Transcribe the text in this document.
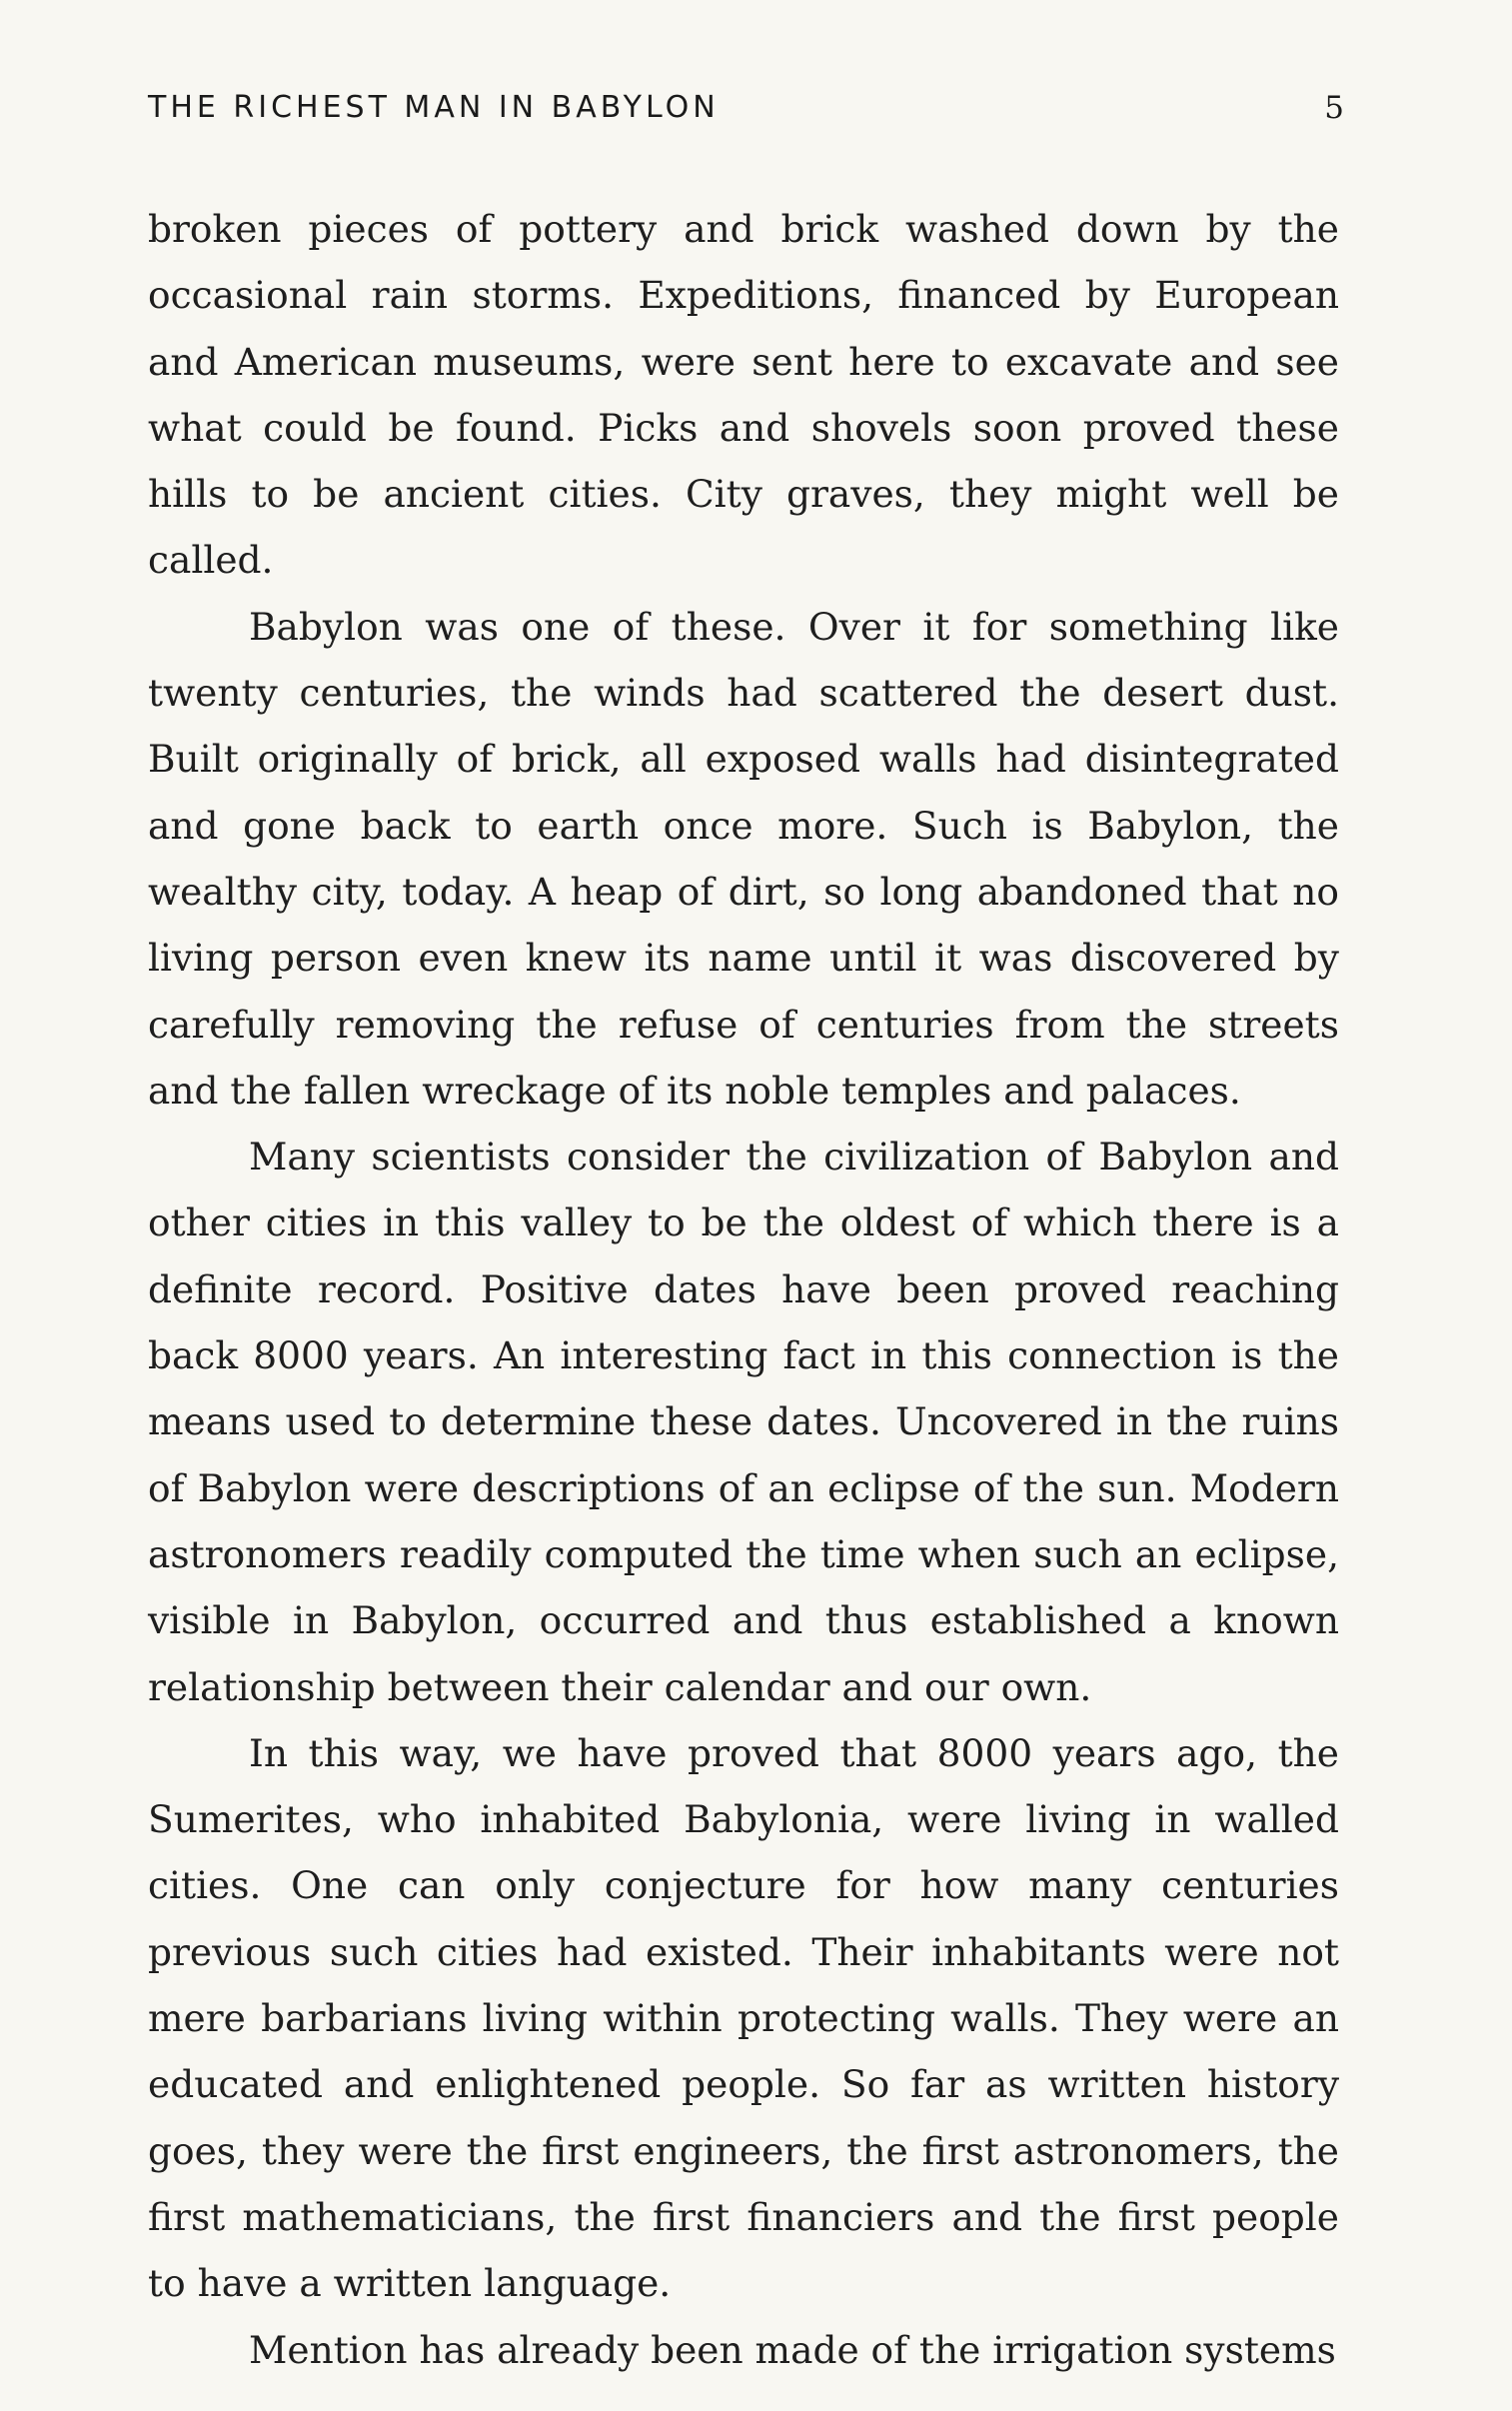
THE RICHEST MAN IN BABYLON	5

broken pieces of pottery and brick washed down by the occasional rain storms. Expeditions, financed by European and American museums, were sent here to excavate and see what could be found. Picks and shovels soon proved these hills to be ancient cities. City graves, they might well be called.

Babylon was one of these. Over it for something like twenty centuries, the winds had scattered the desert dust. Built originally of brick, all exposed walls had disintegrated and gone back to earth once more. Such is Babylon, the wealthy city, today. A heap of dirt, so long abandoned that no living person even knew its name until it was discovered by carefully removing the refuse of centuries from the streets and the fallen wreckage of its noble temples and palaces.

Many scientists consider the civilization of Babylon and other cities in this valley to be the oldest of which there is a definite record. Positive dates have been proved reaching back 8000 years. An interesting fact in this connection is the means used to determine these dates. Uncovered in the ruins of Babylon were descriptions of an eclipse of the sun. Modern astronomers readily computed the time when such an eclipse, visible in Babylon, occurred and thus established a known relationship between their calendar and our own.

In this way, we have proved that 8000 years ago, the Sumerites, who inhabited Babylonia, were living in walled cities. One can only conjecture for how many centuries previous such cities had existed. Their inhabitants were not mere barbarians living within protecting walls. They were an educated and enlightened people. So far as written history goes, they were the first engineers, the first astronomers, the first mathematicians, the first financiers and the first people to have a written language.

Mention has already been made of the irrigation systems
